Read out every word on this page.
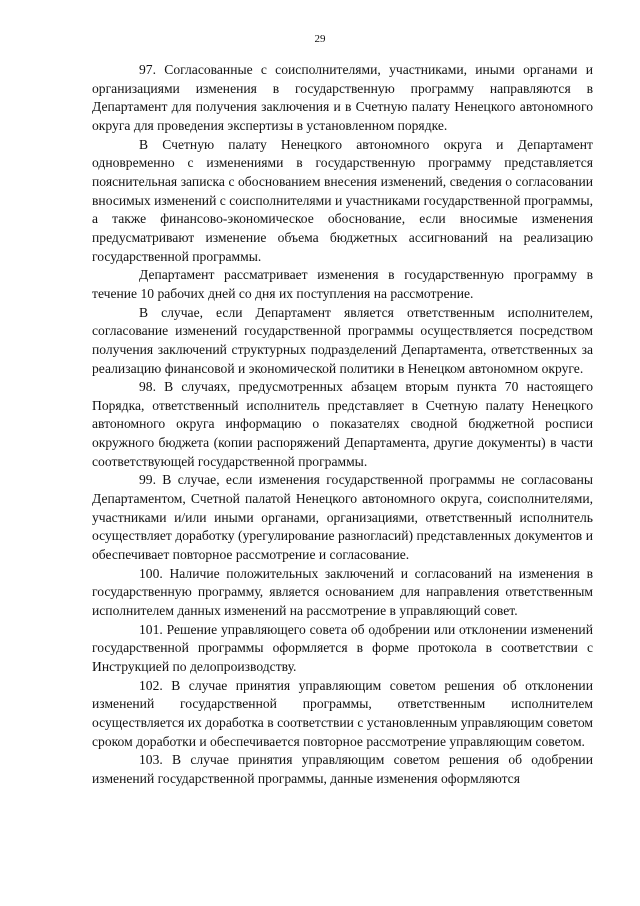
29

97. Согласованные с соисполнителями, участниками, иными органами и организациями изменения в государственную программу направляются в Департамент для получения заключения и в Счетную палату Ненецкого автономного округа для проведения экспертизы в установленном порядке.

В Счетную палату Ненецкого автономного округа и Департамент одновременно с изменениями в государственную программу представляется пояснительная записка с обоснованием внесения изменений, сведения о согласовании вносимых изменений с соисполнителями и участниками государственной программы, а также финансово-экономическое обоснование, если вносимые изменения предусматривают изменение объема бюджетных ассигнований на реализацию государственной программы.

Департамент рассматривает изменения в государственную программу в течение 10 рабочих дней со дня их поступления на рассмотрение.

В случае, если Департамент является ответственным исполнителем, согласование изменений государственной программы осуществляется посредством получения заключений структурных подразделений Департамента, ответственных за реализацию финансовой и экономической политики в Ненецком автономном округе.

98. В случаях, предусмотренных абзацем вторым пункта 70 настоящего Порядка, ответственный исполнитель представляет в Счетную палату Ненецкого автономного округа информацию о показателях сводной бюджетной росписи окружного бюджета (копии распоряжений Департамента, другие документы) в части соответствующей государственной программы.

99. В случае, если изменения государственной программы не согласованы Департаментом, Счетной палатой Ненецкого автономного округа, соисполнителями, участниками и/или иными органами, организациями, ответственный исполнитель осуществляет доработку (урегулирование разногласий) представленных документов и обеспечивает повторное рассмотрение и согласование.

100. Наличие положительных заключений и согласований на изменения в государственную программу, является основанием для направления ответственным исполнителем данных изменений на рассмотрение в управляющий совет.

101. Решение управляющего совета об одобрении или отклонении изменений государственной программы оформляется в форме протокола в соответствии с Инструкцией по делопроизводству.

102. В случае принятия управляющим советом решения об отклонении изменений государственной программы, ответственным исполнителем осуществляется их доработка в соответствии с установленным управляющим советом сроком доработки и обеспечивается повторное рассмотрение управляющим советом.

103. В случае принятия управляющим советом решения об одобрении изменений государственной программы, данные изменения оформляются
